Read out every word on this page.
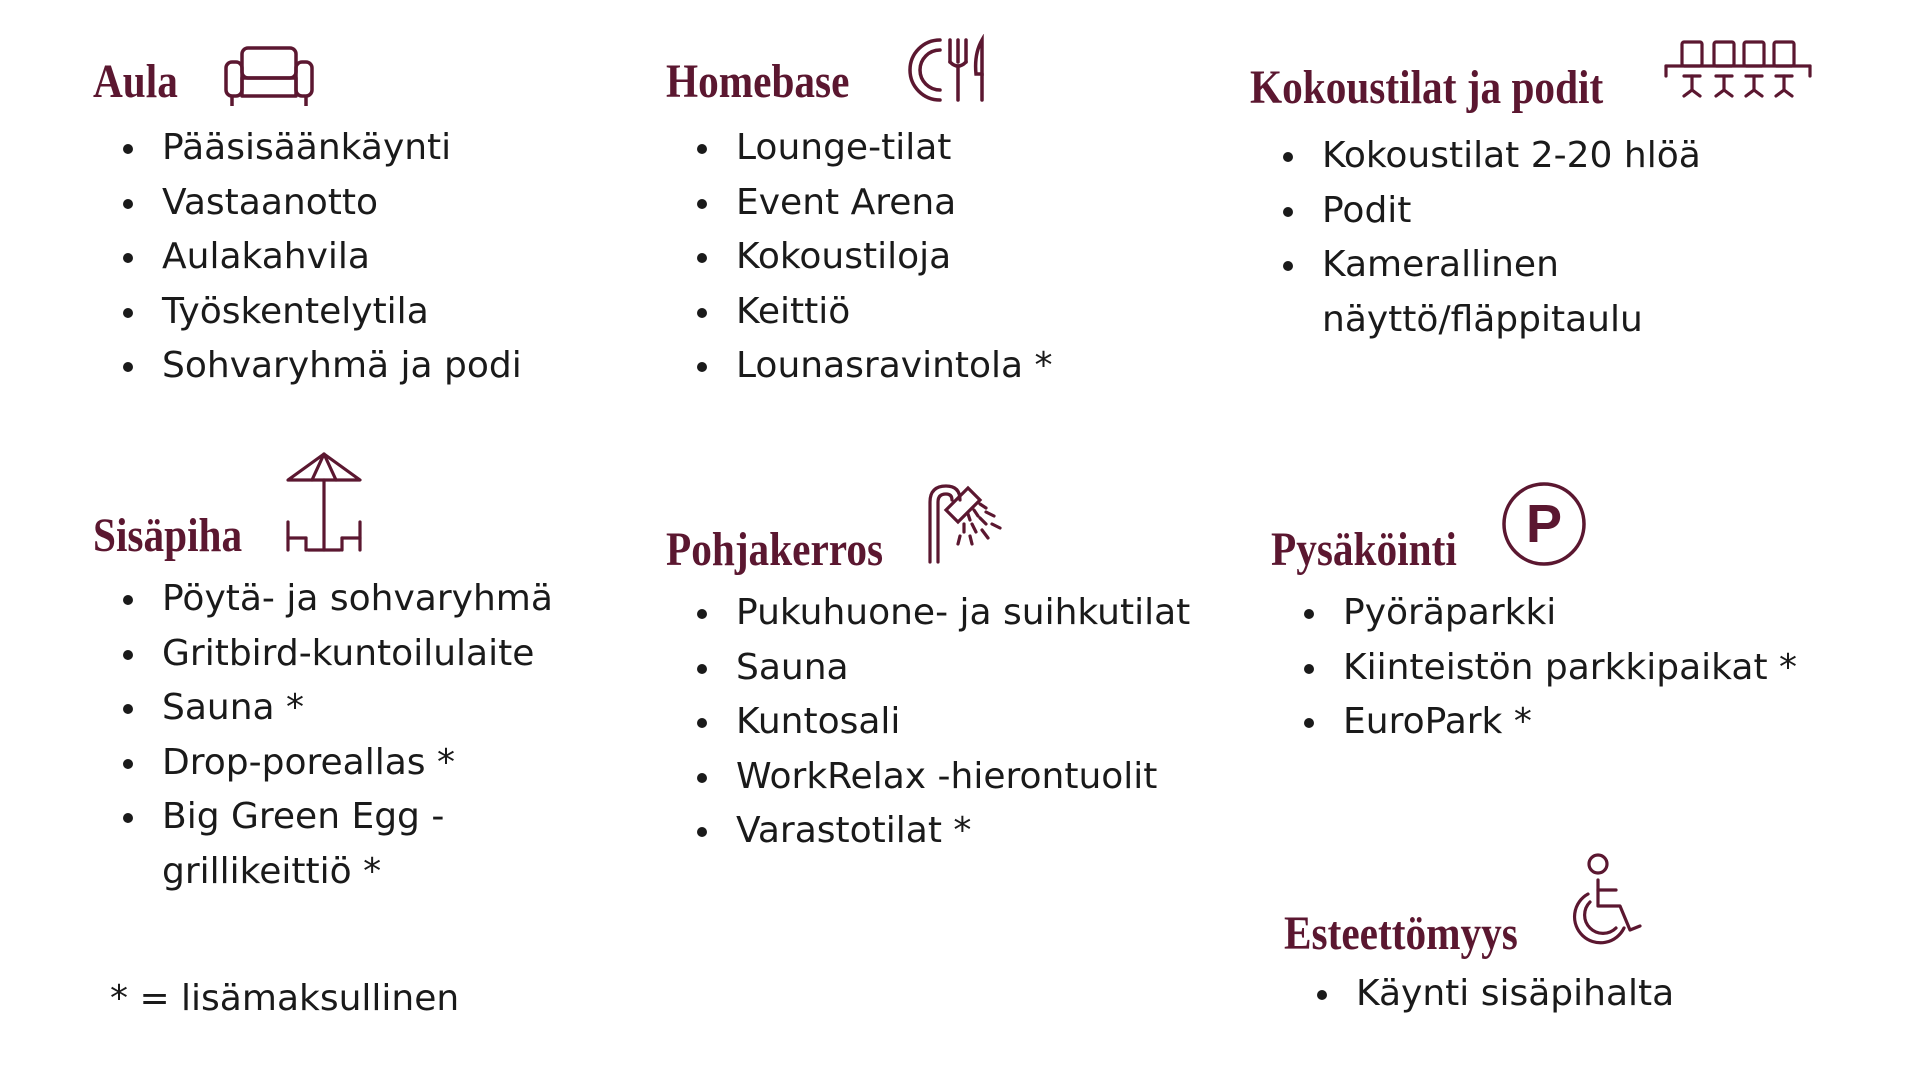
Aula
Pääsisäänkäynti
Vastaanotto
Aulakahvila
Työskentelytila
Sohvaryhmä ja podi
Homebase
Lounge-tilat
Event Arena
Kokoustiloja
Keittiö
Lounasravintola *
Kokoustilat ja podit
Kokoustilat 2-20 hlöä
Podit
Kamerallinen
näyttö/fläppitaulu
Sisäpiha
Pöytä- ja sohvaryhmä
Gritbird-kuntoilulaite
Sauna *
Drop-poreallas *
Big Green Egg -
grillikeittiö *
Pohjakerros
Pukuhuone- ja suihkutilat
Sauna
Kuntosali
WorkRelax -hierontuolit
Varastotilat *
Pysäköinti P
Pyöräparkki
Kiinteistön parkkipaikat *
EuroPark *
Esteettömyys
Käynti sisäpihalta
* = lisämaksullinen
